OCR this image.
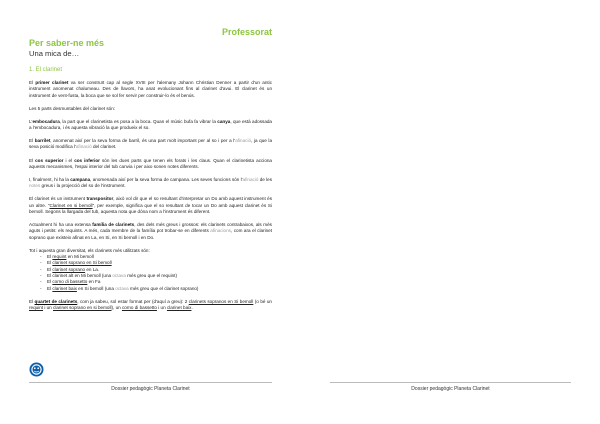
Professorat
Per saber-ne més
Una mica de…
1. El clarinet

El primer clarinet va ser construït cap al segle XVIII per l'alemany Johann Christian Denner a partir d'un antic instrument anomenat chalumeau. Des de llavors, ha anat evolucionant fins al clarinet d'avui. El clarinet és un instrument de vent-fusta, la boca que se sol fer servir per construir-lo és el benús.

Les 5 parts desmuntables del clarinet són:

L'embocadura, la part que el clarinetista es posa a la boca. Quan el músic bufa fa vibrar la canya, que està adossada a l'embocadura, i és aquesta vibració la que produeix el so.

El barrilet, anomenat així per la seva forma de barril, és una part molt important per al so i per a l'afinació, ja que la seva posició modifica l'afinació del clarinet.

El cos superior i el cos inferior són les dues parts que tenen els forats i les claus. Quan el clarinetista acciona aquests mecanismes, l'espai interior del tub canvia i per aixo sonen notes diferents.

I, finalment, hi ha la campana, anomenada així per la seva forma de campana. Les seves funcions són l'afinació de les notes greus i la projecció del so de l'instrument.

El clarinet és un instrument transpositor, això vol dir que el so resultant d'interpretar un Do amb aquest instrument és un altre. "Clarinet en si bemoll", per exemple, significa que el so resultant de tocar un Do amb aquest clarinet és Si bemoll. Segons la llargada del tub, aquesta nota que dóna nom a l'instrument és diferent.

Actualment hi ha una extensa família de clarinets, des dels més greus i grossos: els clarinets contrabaixos, als més aguts i petits: els requints. A més, cada membre de la família pot trobar-se en diferents afinacions, com ara el clarinet soprano que existeix afinat en La, en Si, en Si bemoll i en Do.

Tot i aquesta gran diversitat, els clarinets més utilitzats són:

- El requint en Mi bemoll
- El clarinet soprano en Si bemoll
- El clarinet soprano en La.
- El clarinet alt en Mi bemoll (una octava més greu que el requint)
- El corno di bassetto en Fa
- El clarinet baix en Si bemoll (una octava més greu que el clarinet soprano)

El quartet de clarinets, com ja sabeu, sol estar format per (d'aquí a greu): 2 clarinets sopranos en Si bemoll (o bé un requint i un clarinet soprano en si bemoll), un corno di bassetto i un clarinet baix.

Dossier pedagògic Planeta Clarinet	Dossier pedagògic Planeta Clarinet
